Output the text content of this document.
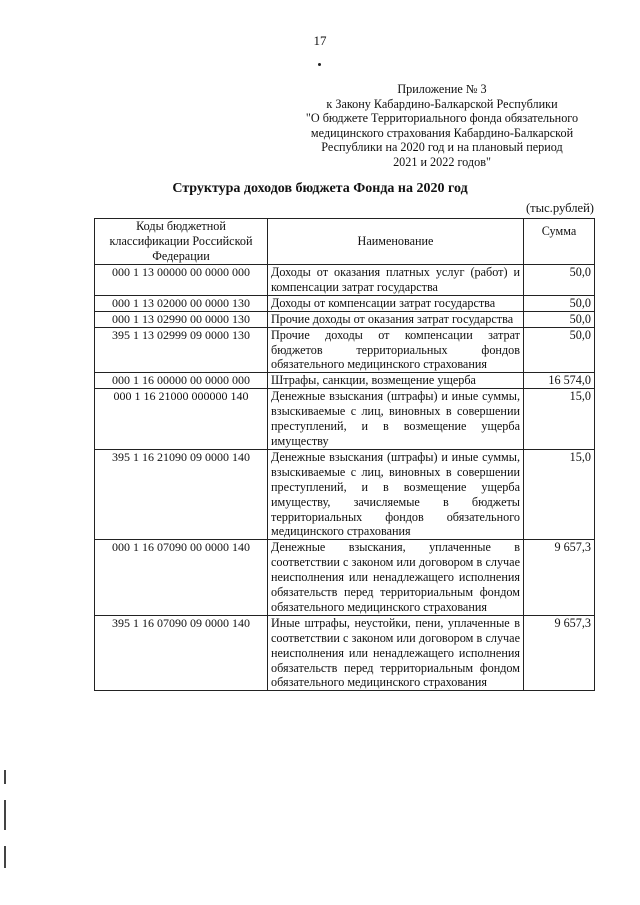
17
Приложение № 3
к Закону Кабардино-Балкарской Республики
"О бюджете Территориального фонда обязательного
медицинского страхования Кабардино-Балкарской
Республики на 2020 год и на плановый период
2021 и 2022 годов"
Структура доходов бюджета Фонда на 2020 год
(тыс.рублей)
Коды бюджетной классификации Российской Федерации	Наименование	Сумма
000 1 13 00000 00 0000 000	Доходы от оказания платных услуг (работ) и компенсации затрат государства	50,0
000 1 13 02000 00 0000 130	Доходы от компенсации затрат государства	50,0
000 1 13 02990 00 0000 130	Прочие доходы от оказания затрат государства	50,0
395 1 13 02999 09 0000 130	Прочие доходы от компенсации затрат бюджетов территориальных фондов обязательного медицинского страхования	50,0
000 1 16 00000 00 0000 000	Штрафы, санкции, возмещение ущерба	16 574,0
000 1 16 21000 000000 140	Денежные взыскания (штрафы) и иные суммы, взыскиваемые с лиц, виновных в совершении преступлений, и в возмещение ущерба имуществу	15,0
395 1 16 21090 09 0000 140	Денежные взыскания (штрафы) и иные суммы, взыскиваемые с лиц, виновных в совершении преступлений, и в возмещение ущерба имуществу, зачисляемые в бюджеты территориальных фондов обязательного медицинского страхования	15,0
000 1 16 07090 00 0000 140	Денежные взыскания, уплаченные в соответствии с законом или договором в случае неисполнения или ненадлежащего исполнения обязательств перед территориальным фондом обязательного медицинского страхования	9 657,3
395 1 16 07090 09 0000 140	Иные штрафы, неустойки, пени, уплаченные в соответствии с законом или договором в случае неисполнения или ненадлежащего исполнения обязательств перед территориальным фондом обязательного медицинского страхования	9 657,3
